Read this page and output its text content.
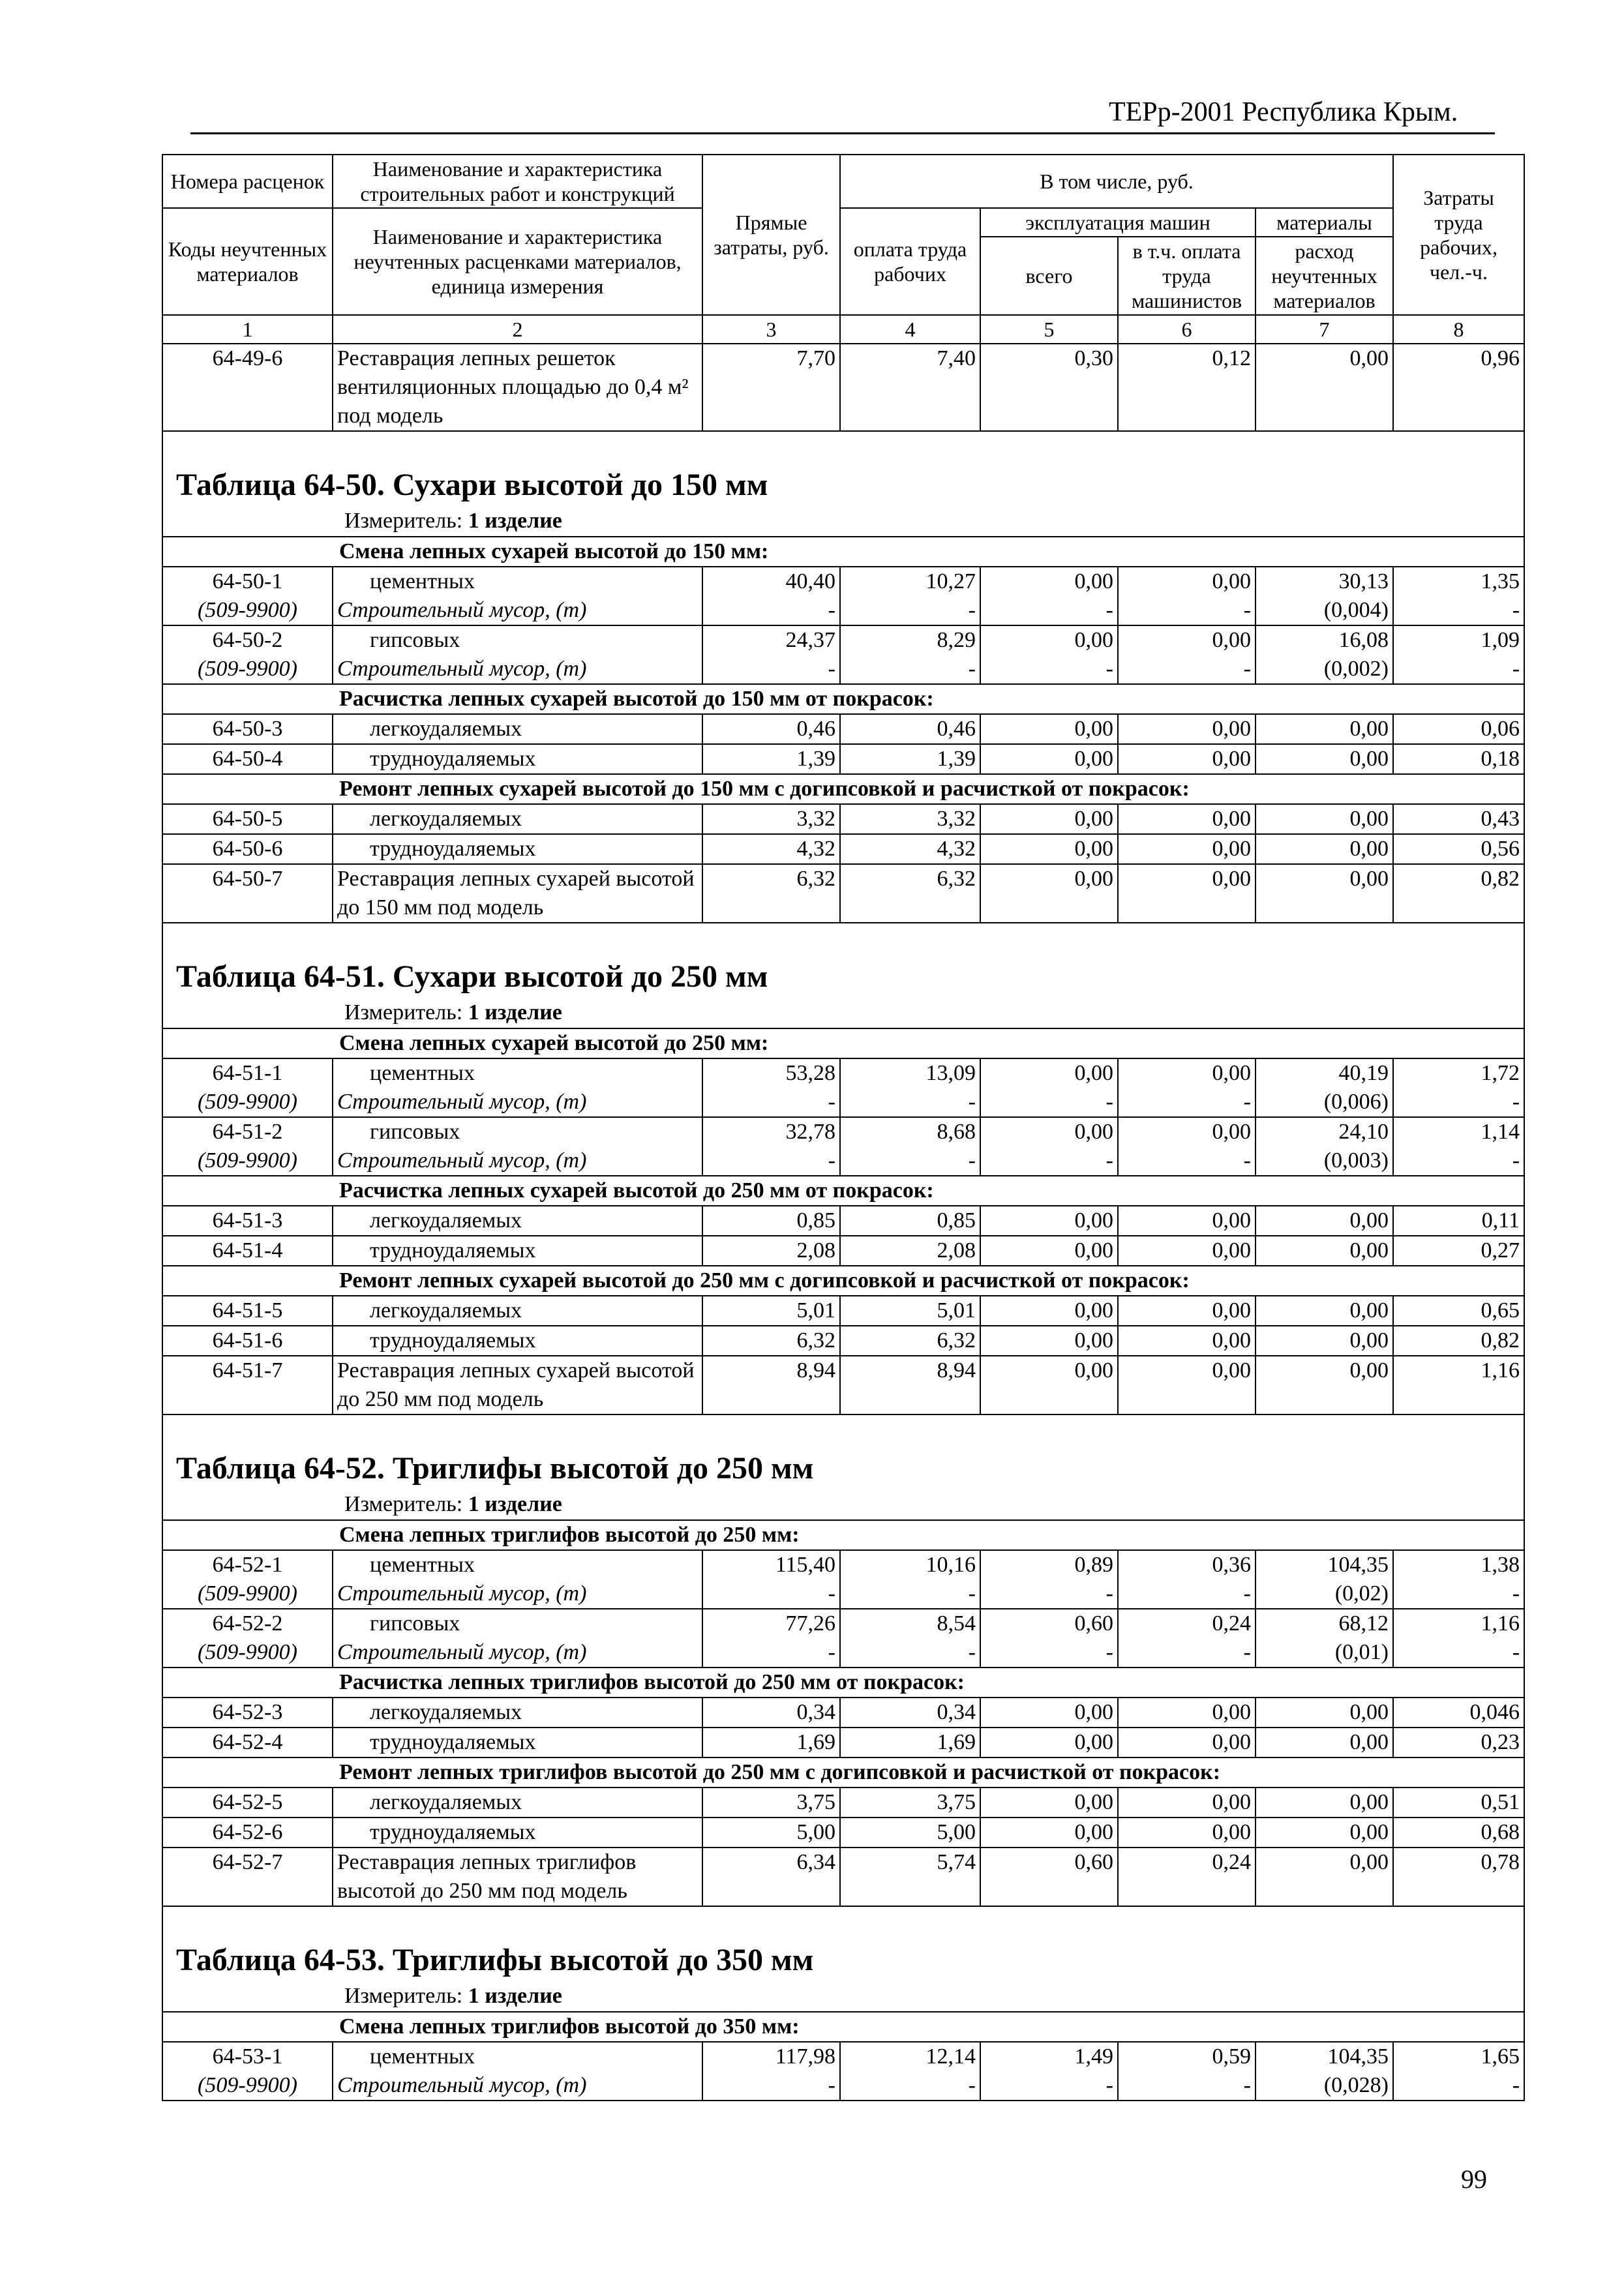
ТЕРр-2001 Республика Крым.
Номера расценок	Наименование и характеристика строительных работ и конструкций	Прямые затраты, руб.	В том числе, руб.				Затраты труда рабочих, чел.-ч.
Коды неучтенных материалов	Наименование и характеристика неучтенных расценками материалов, единица измерения		оплата труда рабочих	эксплуатация машин		материалы	
				всего	в т.ч. оплата труда машинистов	расход неучтенных материалов	
1	2	3	4	5	6	7	8
64-49-6	Реставрация лепных решеток вентиляционных площадью до 0,4 м² под модель	7,70	7,40	0,30	0,12	0,00	0,96

Таблица 64-50. Сухари высотой до 150 мм
Измеритель: 1 изделие							

Смена лепных сухарей высотой до 150 мм:							
64-50-1	цементных	40,40	10,27	0,00	0,00	30,13	1,35
(509-9900)	Строительный мусор, (т)	-	-	-	-	(0,004)	-
64-50-2	гипсовых	24,37	8,29	0,00	0,00	16,08	1,09
(509-9900)	Строительный мусор, (т)	-	-	-	-	(0,002)	-
Расчистка лепных сухарей высотой до 150 мм от покрасок:							
64-50-3	легкоудаляемых	0,46	0,46	0,00	0,00	0,00	0,06
64-50-4	трудноудаляемых	1,39	1,39	0,00	0,00	0,00	0,18
Ремонт лепных сухарей высотой до 150 мм с догипсовкой и расчисткой от покрасок:							
64-50-5	легкоудаляемых	3,32	3,32	0,00	0,00	0,00	0,43
64-50-6	трудноудаляемых	4,32	4,32	0,00	0,00	0,00	0,56
64-50-7	Реставрация лепных сухарей высотой до 150 мм под модель	6,32	6,32	0,00	0,00	0,00	0,82

Таблица 64-51. Сухари высотой до 250 мм
Измеритель: 1 изделие							

Смена лепных сухарей высотой до 250 мм:							
64-51-1	цементных	53,28	13,09	0,00	0,00	40,19	1,72
(509-9900)	Строительный мусор, (т)	-	-	-	-	(0,006)	-
64-51-2	гипсовых	32,78	8,68	0,00	0,00	24,10	1,14
(509-9900)	Строительный мусор, (т)	-	-	-	-	(0,003)	-
Расчистка лепных сухарей высотой до 250 мм от покрасок:							
64-51-3	легкоудаляемых	0,85	0,85	0,00	0,00	0,00	0,11
64-51-4	трудноудаляемых	2,08	2,08	0,00	0,00	0,00	0,27
Ремонт лепных сухарей высотой до 250 мм с догипсовкой и расчисткой от покрасок:							
64-51-5	легкоудаляемых	5,01	5,01	0,00	0,00	0,00	0,65
64-51-6	трудноудаляемых	6,32	6,32	0,00	0,00	0,00	0,82
64-51-7	Реставрация лепных сухарей высотой до 250 мм под модель	8,94	8,94	0,00	0,00	0,00	1,16

Таблица 64-52. Триглифы высотой до 250 мм
Измеритель: 1 изделие							

Смена лепных триглифов высотой до 250 мм:							
64-52-1	цементных	115,40	10,16	0,89	0,36	104,35	1,38
(509-9900)	Строительный мусор, (т)	-	-	-	-	(0,02)	-
64-52-2	гипсовых	77,26	8,54	0,60	0,24	68,12	1,16
(509-9900)	Строительный мусор, (т)	-	-	-	-	(0,01)	-
Расчистка лепных триглифов высотой до 250 мм от покрасок:							
64-52-3	легкоудаляемых	0,34	0,34	0,00	0,00	0,00	0,046
64-52-4	трудноудаляемых	1,69	1,69	0,00	0,00	0,00	0,23
Ремонт лепных триглифов высотой до 250 мм с догипсовкой и расчисткой от покрасок:							
64-52-5	легкоудаляемых	3,75	3,75	0,00	0,00	0,00	0,51
64-52-6	трудноудаляемых	5,00	5,00	0,00	0,00	0,00	0,68
64-52-7	Реставрация лепных триглифов высотой до 250 мм под модель	6,34	5,74	0,60	0,24	0,00	0,78

Таблица 64-53. Триглифы высотой до 350 мм
Измеритель: 1 изделие							

Смена лепных триглифов высотой до 350 мм:							
64-53-1	цементных	117,98	12,14	1,49	0,59	104,35	1,65
(509-9900)	Строительный мусор, (т)	-	-	-	-	(0,028)	-
99
